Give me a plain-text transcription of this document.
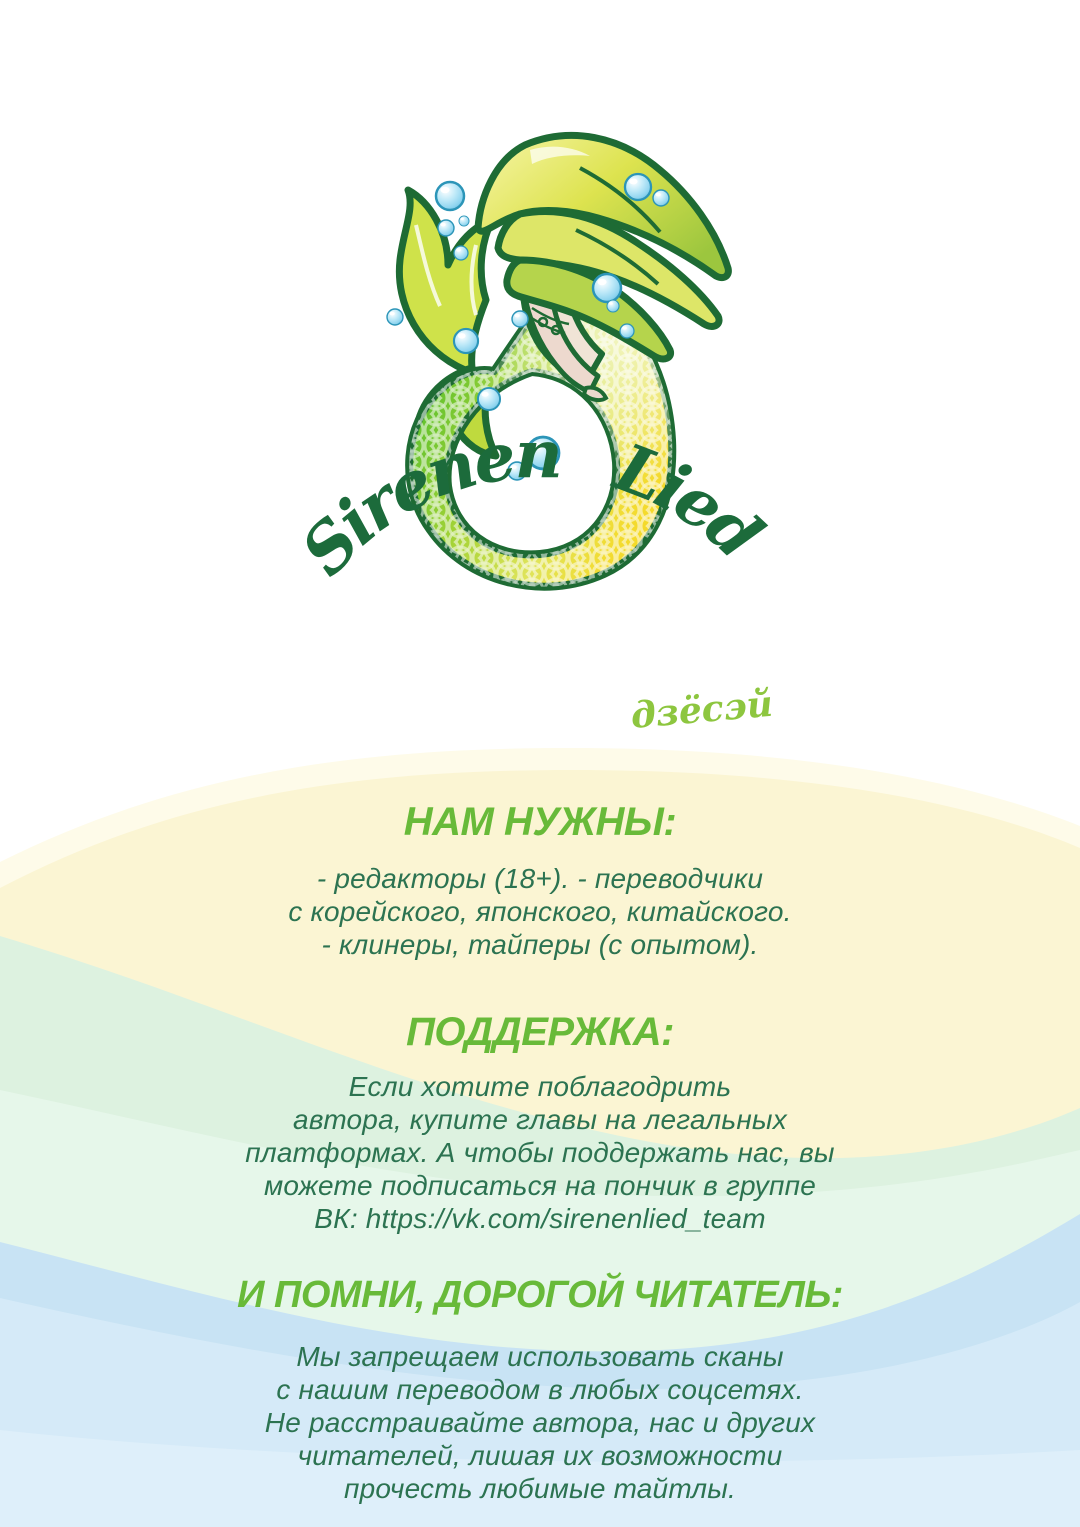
Sirenen Lied
дзёсэй
НАМ НУЖНЫ:
- редакторы (18+). - переводчики
с корейского, японского, китайского.
- клинеры, тайперы (с опытом).
ПОДДЕРЖКА:
Если хотите поблагодрить
автора, купите главы на легальных
платформах. А чтобы поддержать нас, вы
можете подписаться на пончик в группе
ВК: https://vk.com/sirenenlied_team
И ПОМНИ, ДОРОГОЙ ЧИТАТЕЛЬ:
Мы запрещаем использовать сканы
с нашим переводом в любых соцсетях.
Не расстраивайте автора, нас и других
читателей, лишая их возможности
прочесть любимые тайтлы.
